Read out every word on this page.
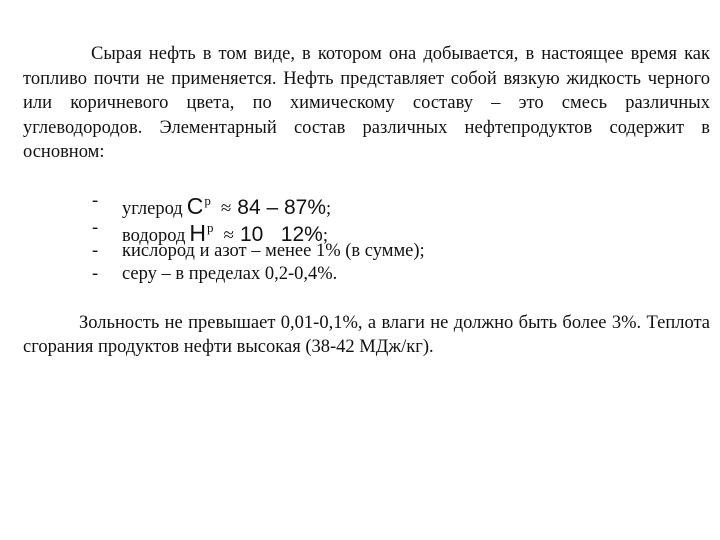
Сырая нефть в том виде, в котором она добывается, в настоящее время как топливо почти не применяется. Нефть представляет собой вязкую жидкость черного или коричневого цвета, по химическому составу – это смесь различных углеводородов. Элементарный состав различных нефтепродуктов содержит в основном:

- углерод $C^р \approx 84 - 87\%$;
- водород $H^р \approx 10$   12%;
- кислород и азот – менее 1% (в сумме);
- серу – в пределах 0,2-0,4%.

Зольность не превышает 0,01-0,1%, а влаги не должно быть более 3%. Теплота сгорания продуктов нефти высокая (38-42 МДж/кг).
